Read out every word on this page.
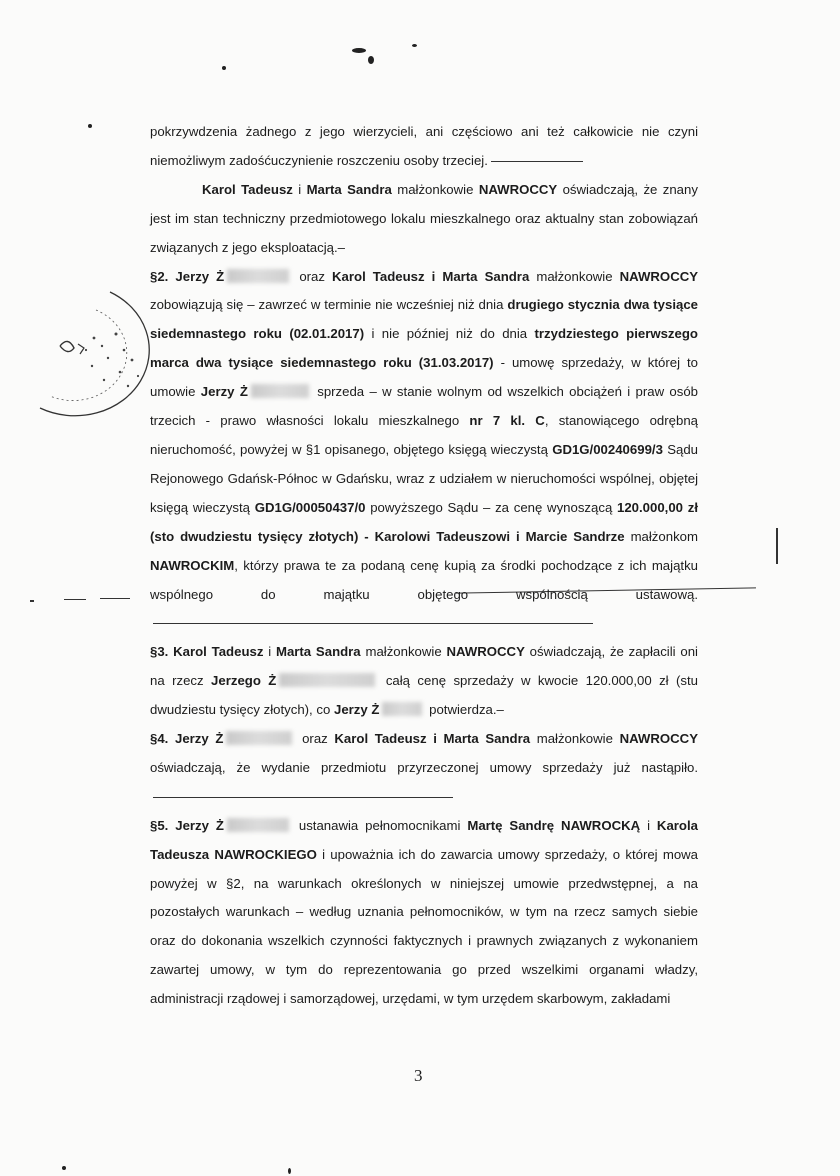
pokrzywdzenia żadnego z jego wierzycieli, ani częściowo ani też całkowicie nie czyni niemożliwym zadośćuczynienie roszczeniu osoby trzeciej.

Karol Tadeusz i Marta Sandra małżonkowie NAWROCCY oświadczają, że znany jest im stan techniczny przedmiotowego lokalu mieszkalnego oraz aktualny stan zobowiązań związanych z jego eksploatacją.–

§2. Jerzy Ż	oraz Karol Tadeusz i Marta Sandra małżonkowie NAWROCCY zobowiązują się – zawrzeć w terminie nie wcześniej niż dnia drugiego stycznia dwa tysiące siedemnastego roku (02.01.2017) i nie później niż do dnia trzydziestego pierwszego marca dwa tysiące siedemnastego roku (31.03.2017) - umowę sprzedaży, w której to umowie Jerzy Ż	sprzeda – w stanie wolnym od wszelkich obciążeń i praw osób trzecich - prawo własności lokalu mieszkalnego nr 7 kl. C, stanowiącego odrębną nieruchomość, powyżej w §1 opisanego, objętego księgą wieczystą GD1G/00240699/3 Sądu Rejonowego Gdańsk-Północ w Gdańsku, wraz z udziałem w nieruchomości wspólnej, objętej księgą wieczystą GD1G/00050437/0 powyższego Sądu – za cenę wynoszącą 120.000,00 zł (sto dwudziestu tysięcy złotych) - Karolowi Tadeuszowi i Marcie Sandrze małżonkom NAWROCKIM, którzy prawa te za podaną cenę kupią za środki pochodzące z ich majątku wspólnego do majątku objętego wspólnością ustawową.

§3. Karol Tadeusz i Marta Sandra małżonkowie NAWROCCY oświadczają, że zapłacili oni na rzecz Jerzego Ż	całą cenę sprzedaży w kwocie 120.000,00 zł (stu dwudziestu tysięcy złotych), co Jerzy Ż	potwierdza.–

§4. Jerzy Ż	oraz Karol Tadeusz i Marta Sandra małżonkowie NAWROCCY oświadczają, że wydanie przedmiotu przyrzeczonej umowy sprzedaży już nastąpiło.

§5. Jerzy Ż	ustanawia pełnomocnikami Martę Sandrę NAWROCKĄ i Karola Tadeusza NAWROCKIEGO i upoważnia ich do zawarcia umowy sprzedaży, o której mowa powyżej w §2, na warunkach określonych w niniejszej umowie przedwstępnej, a na pozostałych warunkach – według uznania pełnomocników, w tym na rzecz samych siebie oraz do dokonania wszelkich czynności faktycznych i prawnych związanych z wykonaniem zawartej umowy, w tym do reprezentowania go przed wszelkimi organami władzy, administracji rządowej i samorządowej, urzędami, w tym urzędem skarbowym, zakładami

3
